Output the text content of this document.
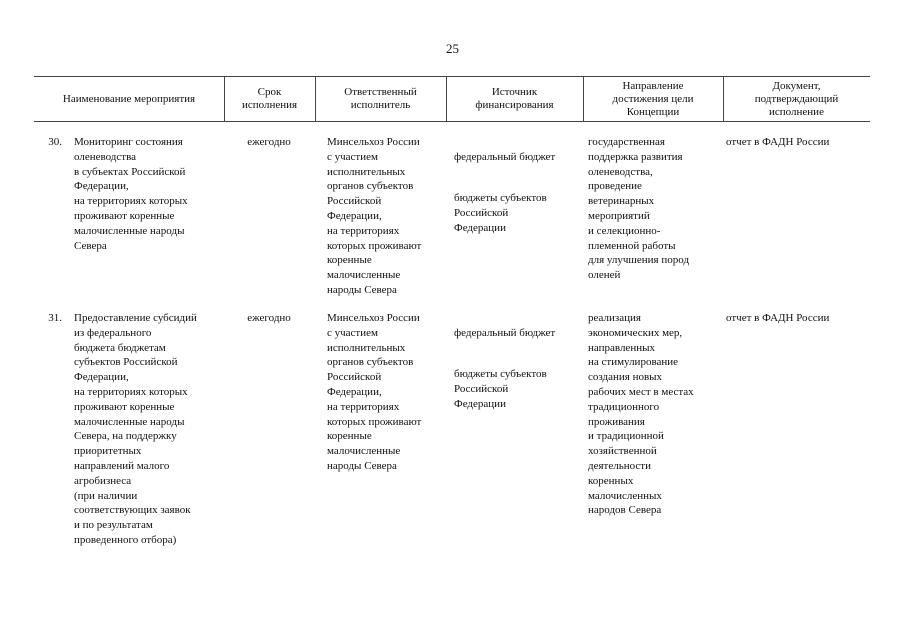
25
Наименование мероприятия
Срок
исполнения
Ответственный
исполнитель
Источник
финансирования
Направление
достижения цели
Концепции
Документ,
подтверждающий
исполнение
30. Мониторинг состояния
оленеводства
в субъектах Российской
Федерации,
на территориях которых
проживают коренные
малочисленные народы
Севера
ежегодно	Минсельхоз России
с участием
исполнительных
органов субъектов
Российской
Федерации,
на территориях
которых проживают
коренные
малочисленные
народы Севера

федеральный бюджет

бюджеты субъектов
Российской
Федерации

государственная
поддержка развития
оленеводства,
проведение
ветеринарных
мероприятий
и селекционно-
племенной работы
для улучшения пород
оленей
отчет в ФАДН России
31. Предоставление субсидий
из федерального
бюджета бюджетам
субъектов Российской
Федерации,
на территориях которых
проживают коренные
малочисленные народы
Севера, на поддержку
приоритетных
направлений малого
агробизнеса
(при наличии
соответствующих заявок
и по результатам
проведенного отбора)
ежегодно	Минсельхоз России
с участием
исполнительных
органов субъектов
Российской
Федерации,
на территориях
которых проживают
коренные
малочисленные
народы Севера

федеральный бюджет

бюджеты субъектов
Российской
Федерации

реализация
экономических мер,
направленных
на стимулирование
создания новых
рабочих мест в местах
традиционного
проживания
и традиционной
хозяйственной
деятельности
коренных
малочисленных
народов Севера
отчет в ФАДН России
